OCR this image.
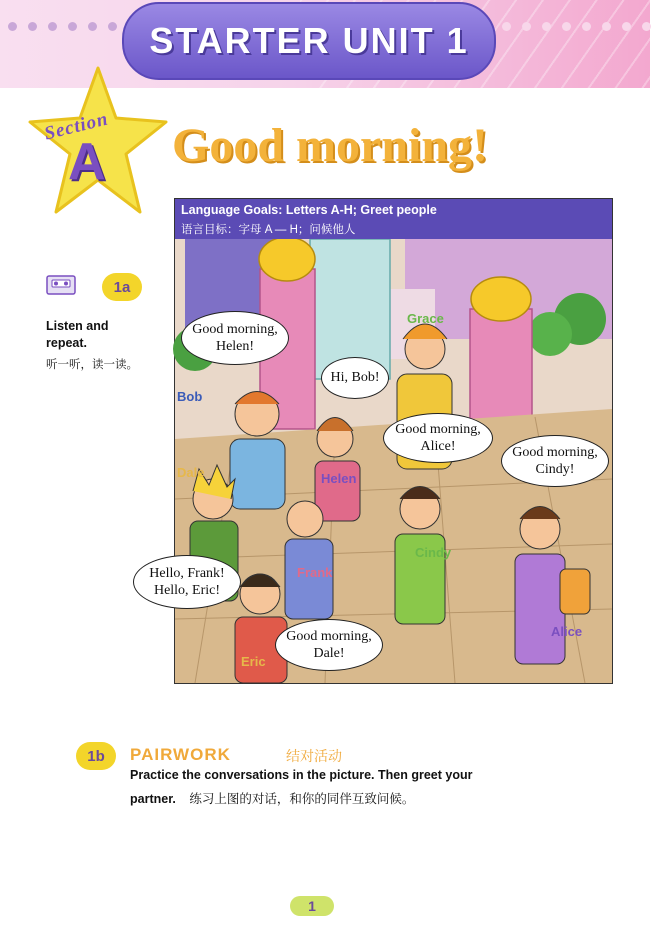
STARTER UNIT 1
Section
A Good morning!
Language Goals: Letters A-H; Greet people
语言目标：字母 A — H；问候他人
Good morning,
Helen!
Hi, Bob!
Good morning,
Alice!	Good morning,
Cindy!
Hello, Frank!
Hello, Eric!
Good morning,
Dale!
Grace
Bob
Dale	Helen
Cindy
Frank
Alice
Eric
1a
Listen and repeat.
听一听，读一读。
1b PAIRWORK	结对活动
Practice the conversations in the picture. Then greet your
partner. 练习上图的对话，和你的同伴互致问候。
1
